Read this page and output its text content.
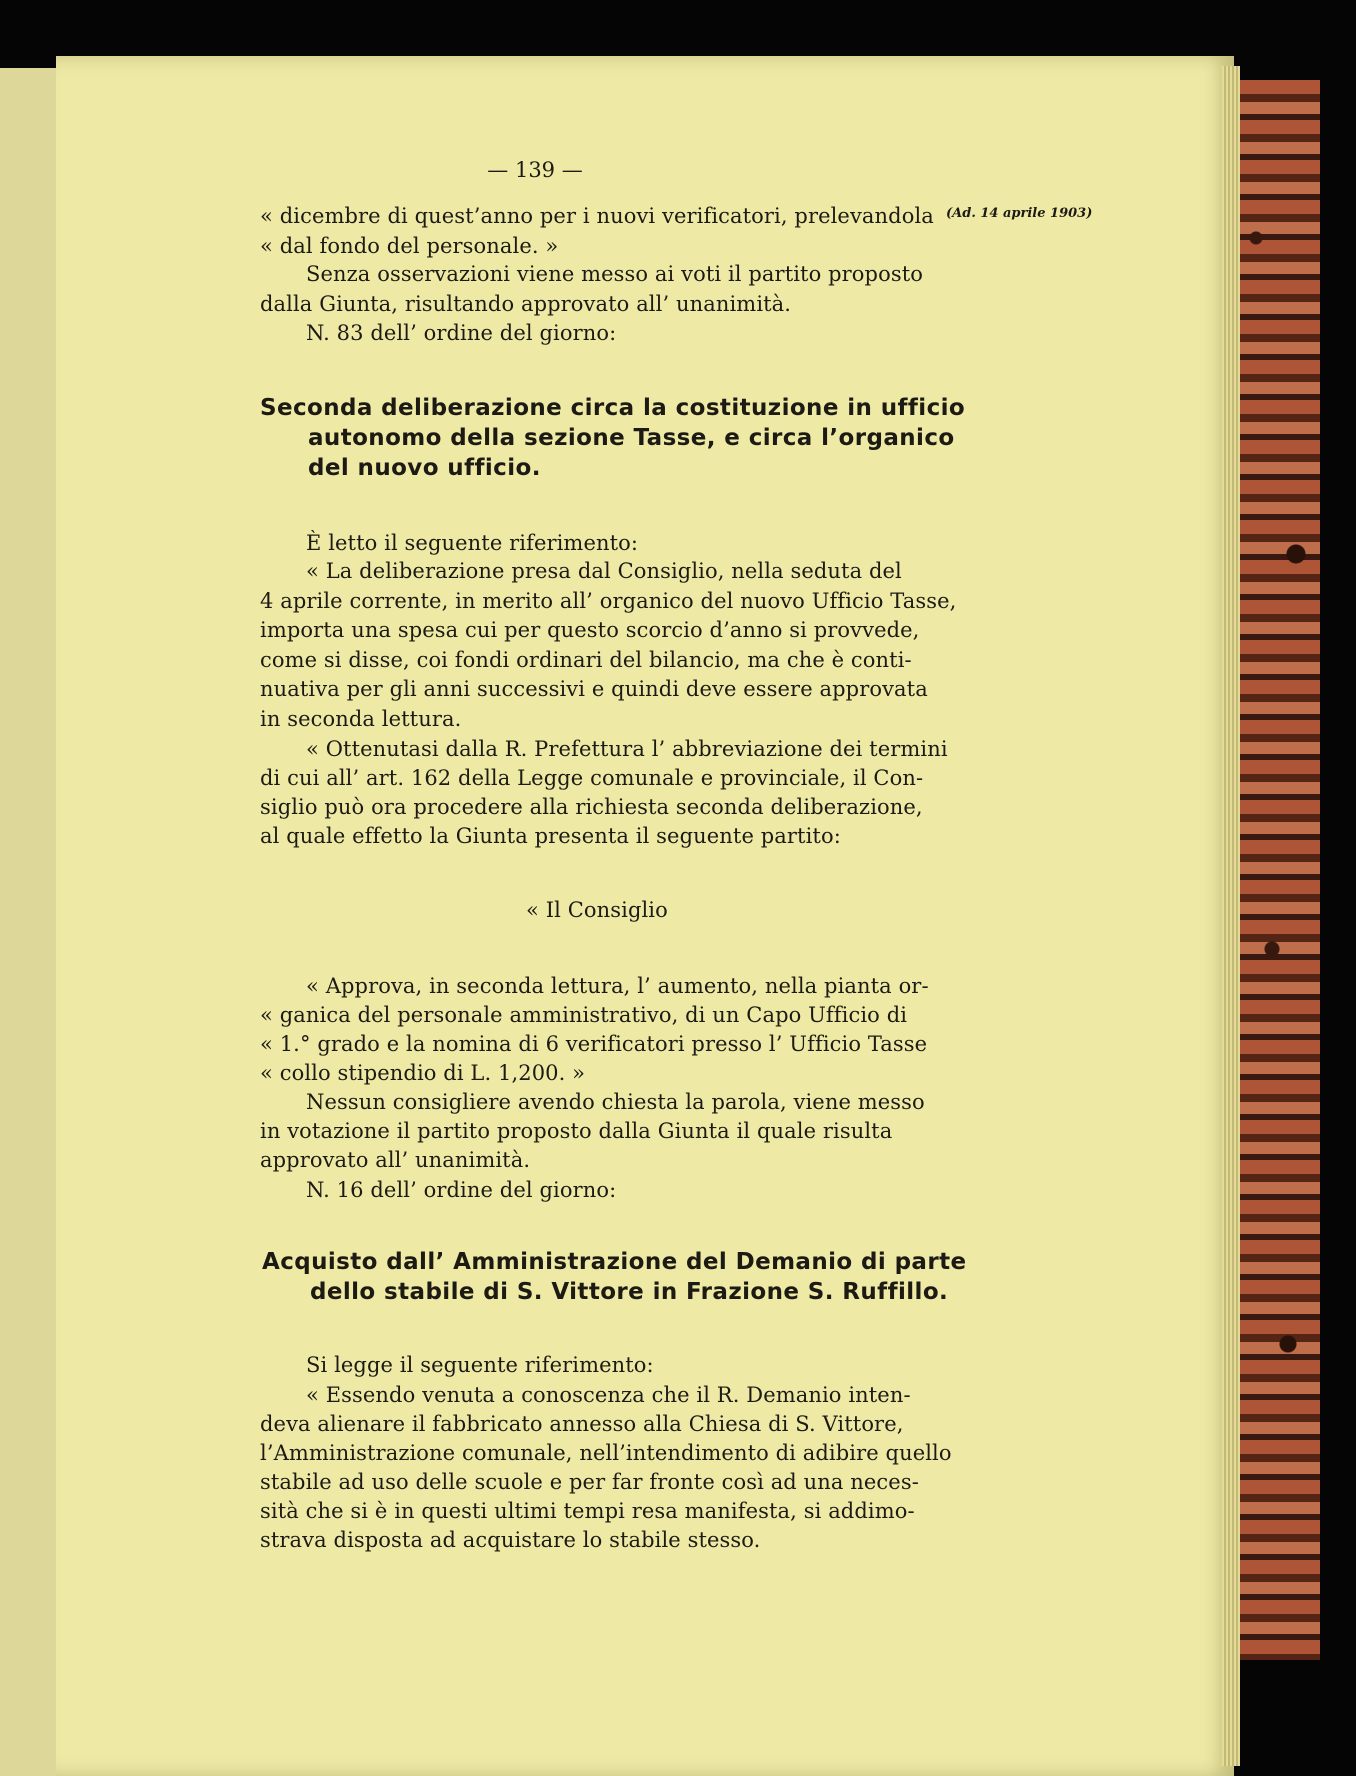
— 139 —
(Ad. 14 aprile 1903)
« dicembre di quest’anno per i nuovi verificatori, prelevandola
« dal fondo del personale. »
Senza osservazioni viene messo ai voti il partito proposto
dalla Giunta, risultando approvato all’ unanimità.
N. 83 dell’ ordine del giorno:
Seconda deliberazione circa la costituzione in ufficio
autonomo della sezione Tasse, e circa l’organico
del nuovo ufficio.
È letto il seguente riferimento:
« La deliberazione presa dal Consiglio, nella seduta del
4 aprile corrente, in merito all’ organico del nuovo Ufficio Tasse,
importa una spesa cui per questo scorcio d’anno si provvede,
come si disse, coi fondi ordinari del bilancio, ma che è conti-
nuativa per gli anni successivi e quindi deve essere approvata
in seconda lettura.
« Ottenutasi dalla R. Prefettura l’ abbreviazione dei termini
di cui all’ art. 162 della Legge comunale e provinciale, il Con-
siglio può ora procedere alla richiesta seconda deliberazione,
al quale effetto la Giunta presenta il seguente partito:
« Il Consiglio
« Approva, in seconda lettura, l’ aumento, nella pianta or-
« ganica del personale amministrativo, di un Capo Ufficio di
« 1.° grado e la nomina di 6 verificatori presso l’ Ufficio Tasse
« collo stipendio di L. 1,200. »
Nessun consigliere avendo chiesta la parola, viene messo
in votazione il partito proposto dalla Giunta il quale risulta
approvato all’ unanimità.
N. 16 dell’ ordine del giorno:
Acquisto dall’ Amministrazione del Demanio di parte
dello stabile di S. Vittore in Frazione S. Ruffillo.
Si legge il seguente riferimento:
« Essendo venuta a conoscenza che il R. Demanio inten-
deva alienare il fabbricato annesso alla Chiesa di S. Vittore,
l’Amministrazione comunale, nell’intendimento di adibire quello
stabile ad uso delle scuole e per far fronte così ad una neces-
sità che si è in questi ultimi tempi resa manifesta, si addimo-
strava disposta ad acquistare lo stabile stesso.
